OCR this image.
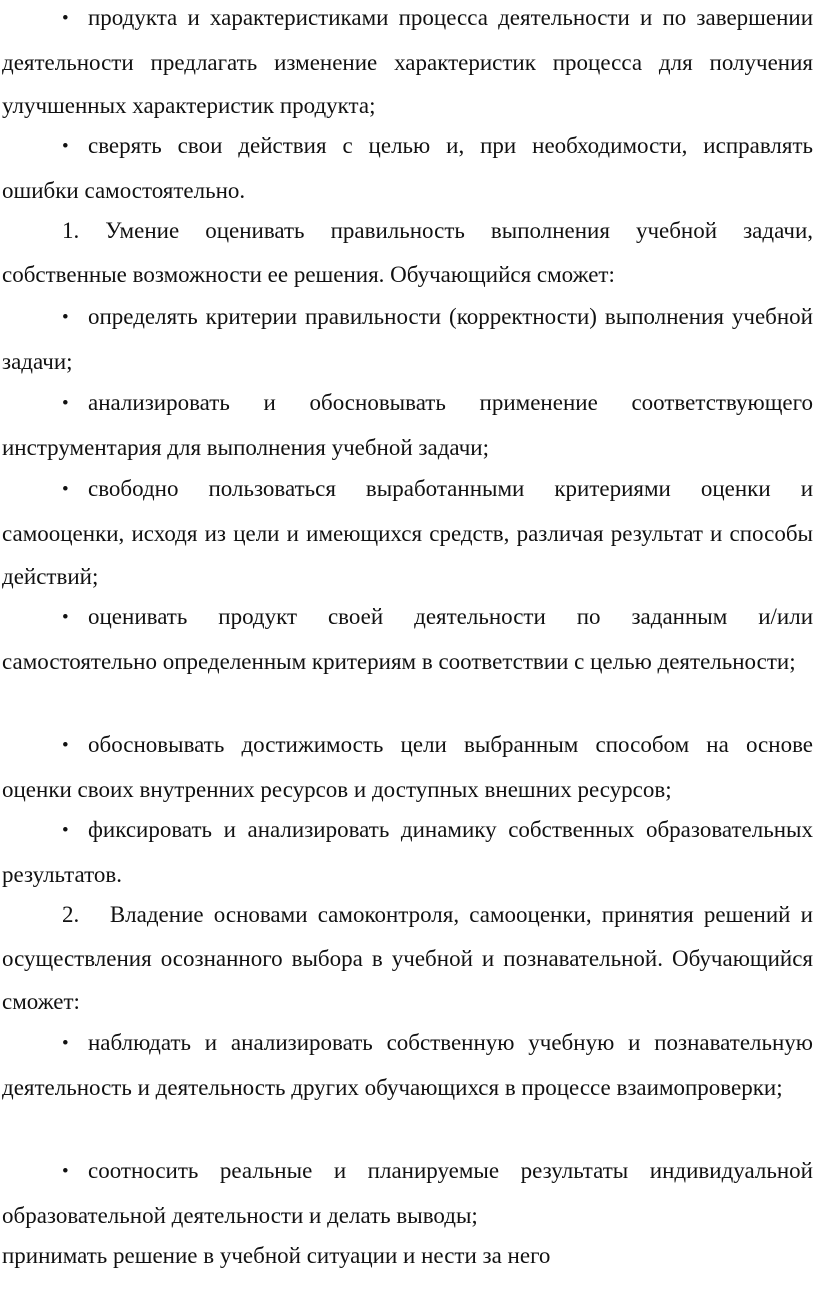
• продукта и характеристиками процесса деятельности и по завершении деятельности предлагать изменение характеристик процесса для получения улучшенных характеристик продукта;

• сверять свои действия с целью и, при необходимости, исправлять ошибки самостоятельно.

1. Умение оценивать правильность выполнения учебной задачи, собственные возможности ее решения. Обучающийся сможет:

• определять критерии правильности (корректности) выполнения учебной задачи;

• анализировать и обосновывать применение соответствующего инструментария для выполнения учебной задачи;

• свободно пользоваться выработанными критериями оценки и самооценки, исходя из цели и имеющихся средств, различая результат и способы действий;

• оценивать продукт своей деятельности по заданным и/или самостоятельно определенным критериям в соответствии с целью деятельности;

• обосновывать достижимость цели выбранным способом на основе оценки своих внутренних ресурсов и доступных внешних ресурсов;

• фиксировать и анализировать динамику собственных образовательных результатов.

2. Владение основами самоконтроля, самооценки, принятия решений и осуществления осознанного выбора в учебной и познавательной. Обучающийся сможет:

• наблюдать и анализировать собственную учебную и познавательную деятельность и деятельность других обучающихся в процессе взаимопроверки;

• соотносить реальные и планируемые результаты индивидуальной образовательной деятельности и делать выводы;

принимать решение в учебной ситуации и нести за него
